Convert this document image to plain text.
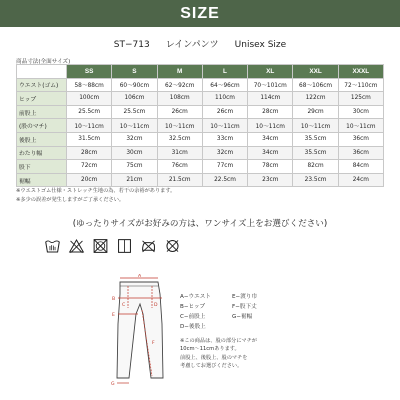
SIZE
ST−713 レインパンツ Unisex Size
商品寸法(全面サイズ)
	SS	S	M	L	XL	XXL	XXXL
ウエスト(ゴム)	58〜88cm	60〜90cm	62〜92cm	64〜96cm	70〜101cm	68〜106cm	72〜110cm
ヒップ	100cm	106cm	108cm	110cm	114cm	122cm	125cm
前股上	25.5cm	25.5cm	26cm	26cm	28cm	29cm	30cm
(股のマチ)	10〜11cm	10〜11cm	10〜11cm	10〜11cm	10〜11cm	10〜11cm	10〜11cm
後股上	31.5cm	32cm	32.5cm	33cm	34cm	35.5cm	36cm
わたり幅	28cm	30cm	31cm	32cm	34cm	35.5cm	36cm
股下	72cm	75cm	76cm	77cm	78cm	82cm	84cm
裾幅	20cm	21cm	21.5cm	22.5cm	23cm	23.5cm	24cm
※ウエストゴム仕様・ストレッチ生地の為、若干の余裕があります。
※多少の誤差が発生しますがご了承ください。
(ゆったりサイズがお好みの方は、ワンサイズ上をお選びください)
A
B
C	D
E
F
G
A−ウエスト	E−渡り巾
B−ヒップ	F−股下丈
C−前股上	G−裾幅
D−後股上
※この商品は、股の部分にマチが
10cm〜11cmあります。
前股上、後股上、股のマチを
考慮してお選びください。
